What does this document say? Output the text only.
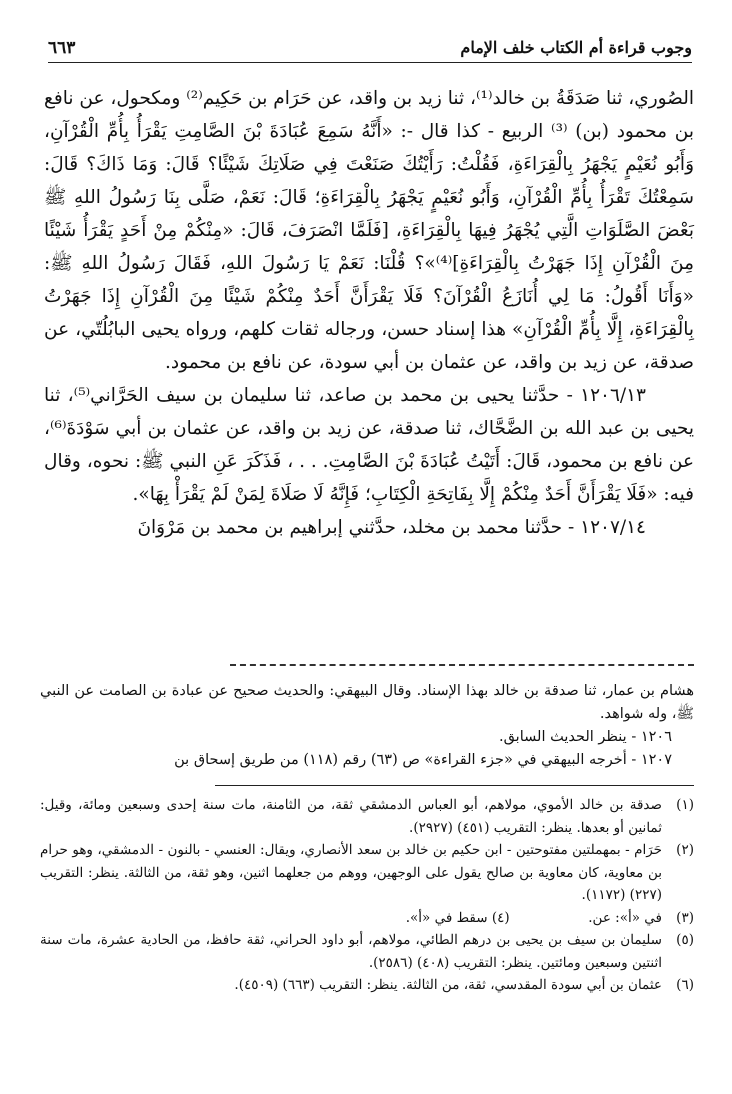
وجوب قراءة أم الكتاب خلف الإمام
٦٦٣

الصُوري، ثنا صَدَقَةُ بن خالد⁽¹⁾، ثنا زيد بن واقد، عن حَرَام بن حَكِيم⁽²⁾ ومكحول، عن نافع بن محمود (بن) ⁽³⁾ الربيع - كذا قال -: «أَنَّهُ سَمِعَ عُبَادَةَ بْنَ الصَّامِتِ يَقْرَأُ بِأُمِّ الْقُرْآنِ، وَأَبُو نُعَيْمٍ يَجْهَرُ بِالْقِرَاءَةِ، فَقُلْتُ: رَأَيْتُكَ صَنَعْتَ فِي صَلَاتِكَ شَيْئًا؟ قَالَ: وَمَا ذَاكَ؟ قَالَ: سَمِعْتُكَ تَقْرَأُ بِأُمِّ الْقُرْآنِ، وَأَبُو نُعَيْمٍ يَجْهَرُ بِالْقِرَاءَةِ؛ قَالَ: نَعَمْ، صَلَّى بِنَا رَسُولُ اللهِ ﷺ بَعْضَ الصَّلَوَاتِ الَّتِي يُجْهَرُ فِيهَا بِالْقِرَاءَةِ، [فَلَمَّا انْصَرَفَ، قَالَ: «مِنْكُمْ مِنْ أَحَدٍ يَقْرَأُ شَيْئًا مِنَ الْقُرْآنِ إِذَا جَهَرْتُ بِالْقِرَاءَةِ]⁽⁴⁾»؟ قُلْنَا: نَعَمْ يَا رَسُولَ اللهِ، فَقَالَ رَسُولُ اللهِ ﷺ: «وَأَنَا أَقُولُ: مَا لِي أُنَازَعُ الْقُرْآنَ؟ فَلَا يَقْرَأَنَّ أَحَدٌ مِنْكُمْ شَيْئًا مِنَ الْقُرْآنِ إِذَا جَهَرْتُ بِالْقِرَاءَةِ، إِلَّا بِأُمِّ الْقُرْآنِ» هذا إسناد حسن، ورجاله ثقات كلهم، ورواه يحيى البابُلُتّي، عن صدقة، عن زيد بن واقد، عن عثمان بن أبي سودة، عن نافع بن محمود.

١٢٠٦/١٣ - حدَّثنا يحيى بن محمد بن صاعد، ثنا سليمان بن سيف الحَرَّاني⁽⁵⁾، ثنا يحيى بن عبد الله بن الضَّحَّاك، ثنا صدقة، عن زيد بن واقد، عن عثمان بن أبي سَوْدَةَ⁽⁶⁾، عن نافع بن محمود، قَالَ: أَتَيْتُ عُبَادَةَ بْنَ الصَّامِتِ. . . ، فَذَكَرَ عَنِ النبي ﷺ: نحوه، وقال فيه: «فَلَا يَقْرَأَنَّ أَحَدٌ مِنْكُمْ إِلَّا بِفَاتِحَةِ الْكِتَابِ؛ فَإِنَّهُ لَا صَلَاةَ لِمَنْ لَمْ يَقْرَأْ بِهَا».

١٢٠٧/١٤ - حدَّثنا محمد بن مخلد، حدَّثني إبراهيم بن محمد بن مَرْوَانَ

هشام بن عمار، ثنا صدقة بن خالد بهذا الإسناد. وقال البيهقي: والحديث صحيح عن عبادة بن الصامت عن النبي ﷺ، وله شواهد.

١٢٠٦ - ينظر الحديث السابق.

١٢٠٧ - أخرجه البيهقي في «جزء القراءة» ص (٦٣) رقم (١١٨) من طريق إسحاق بن

(١)
صدقة بن خالد الأموي، مولاهم، أبو العباس الدمشقي ثقة، من الثامنة، مات سنة إحدى وسبعين ومائة، وقيل: ثمانين أو بعدها. ينظر: التقريب (٤٥١) (٢٩٢٧).

(٢)
حَرَام - بمهملتين مفتوحتين - ابن حكيم بن خالد بن سعد الأنصاري، ويقال: العنسي - بالنون - الدمشقي، وهو حرام بن معاوية، كان معاوية بن صالح يقول على الوجهين، ووهم من جعلهما اثنين، وهو ثقة، من الثالثة. ينظر: التقريب (٢٢٧) (١١٧٢).

(٣)
في «أ»: عن.  (٤) سقط في «أ».

(٥)
سليمان بن سيف بن يحيى بن درهم الطائي، مولاهم، أبو داود الحراني، ثقة حافظ، من الحادية عشرة، مات سنة اثنتين وسبعين ومائتين. ينظر: التقريب (٤٠٨) (٢٥٨٦).

(٦)
عثمان بن أبي سودة المقدسي، ثقة، من الثالثة. ينظر: التقريب (٦٦٣) (٤٥٠٩).
